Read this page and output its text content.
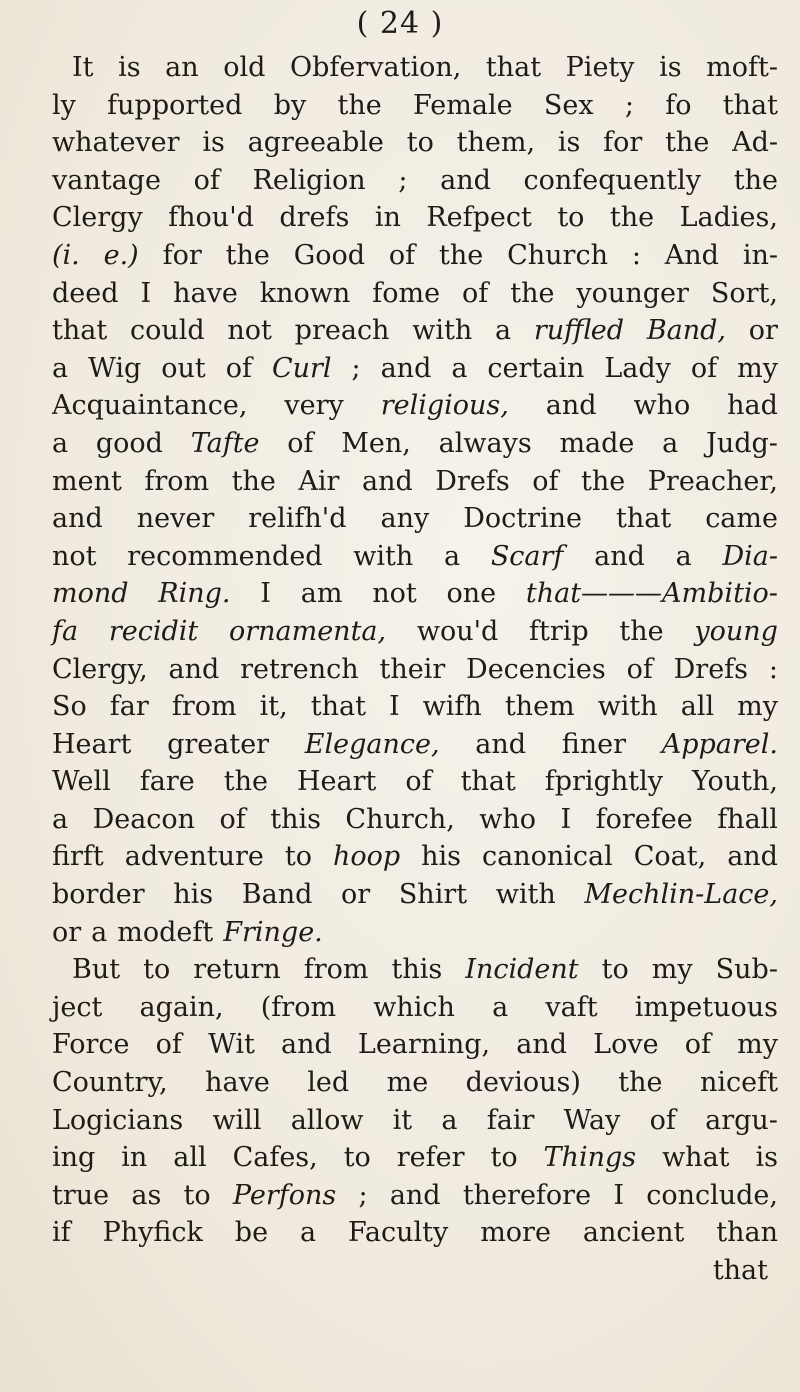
( 24 )
It is an old Obfervation, that Piety is moft-
ly fupported by the Female Sex ; fo that
whatever is agreeable to them, is for the Ad-
vantage of Religion ; and confequently the
Clergy fhou'd drefs in Refpect to the Ladies,
(i. e.) for the Good of the Church : And in-
deed I have known fome of the younger Sort,
that could not preach with a ruffled Band, or
a Wig out of Curl ; and a certain Lady of my
Acquaintance, very religious, and who had
a good Tafte of Men, always made a Judg-
ment from the Air and Drefs of the Preacher,
and never relifh'd any Doctrine that came
not recommended with a Scarf and a Dia-
mond Ring. I am not one that———Ambitio-
fa recidit ornamenta, wou'd ftrip the young
Clergy, and retrench their Decencies of Drefs :
So far from it, that I wifh them with all my
Heart greater Elegance, and finer Apparel.
Well fare the Heart of that fprightly Youth,
a Deacon of this Church, who I forefee fhall
firft adventure to hoop his canonical Coat, and
border his Band or Shirt with Mechlin-Lace,
or a modeft Fringe.
But to return from this Incident to my Sub-
ject again, (from which a vaft impetuous
Force of Wit and Learning, and Love of my
Country, have led me devious) the niceft
Logicians will allow it a fair Way of argu-
ing in all Cafes, to refer to Things what is
true as to Perfons ; and therefore I conclude,
if Phyfick be a Faculty more ancient than
that
